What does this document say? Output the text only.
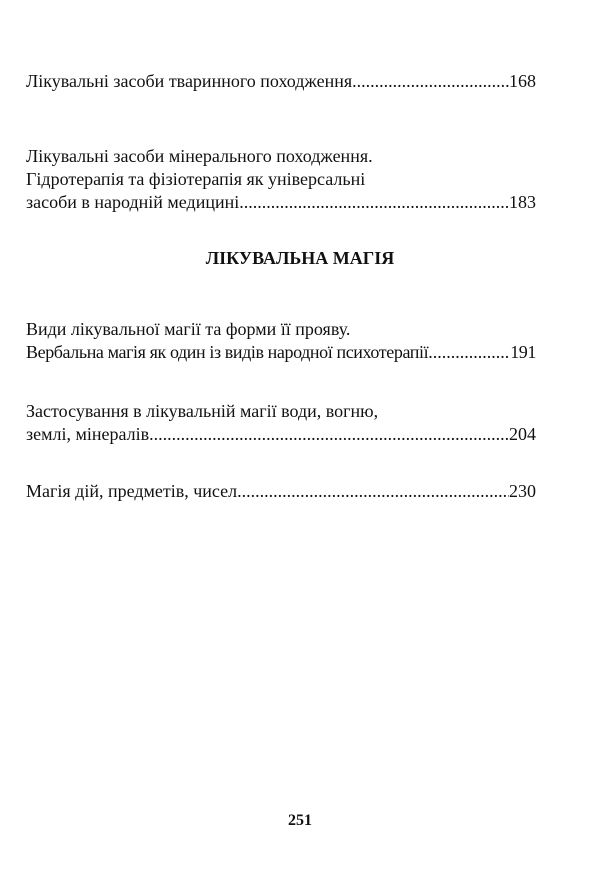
Лікувальні засоби тваринного походження .....	168
Лікувальні засоби мінерального походження.
Гідротерапія та фізіотерапія як універсальні
засоби в народній медицині .....	183
ЛІКУВАЛЬНА МАГІЯ
Види лікувальної магії та форми її прояву.
Вербальна магія як один із видів народної психотерапії .....	191
Застосування в лікувальній магії води, вогню,
землі, мінералів .....	204
Магія дій, предметів, чисел .....	230
251
